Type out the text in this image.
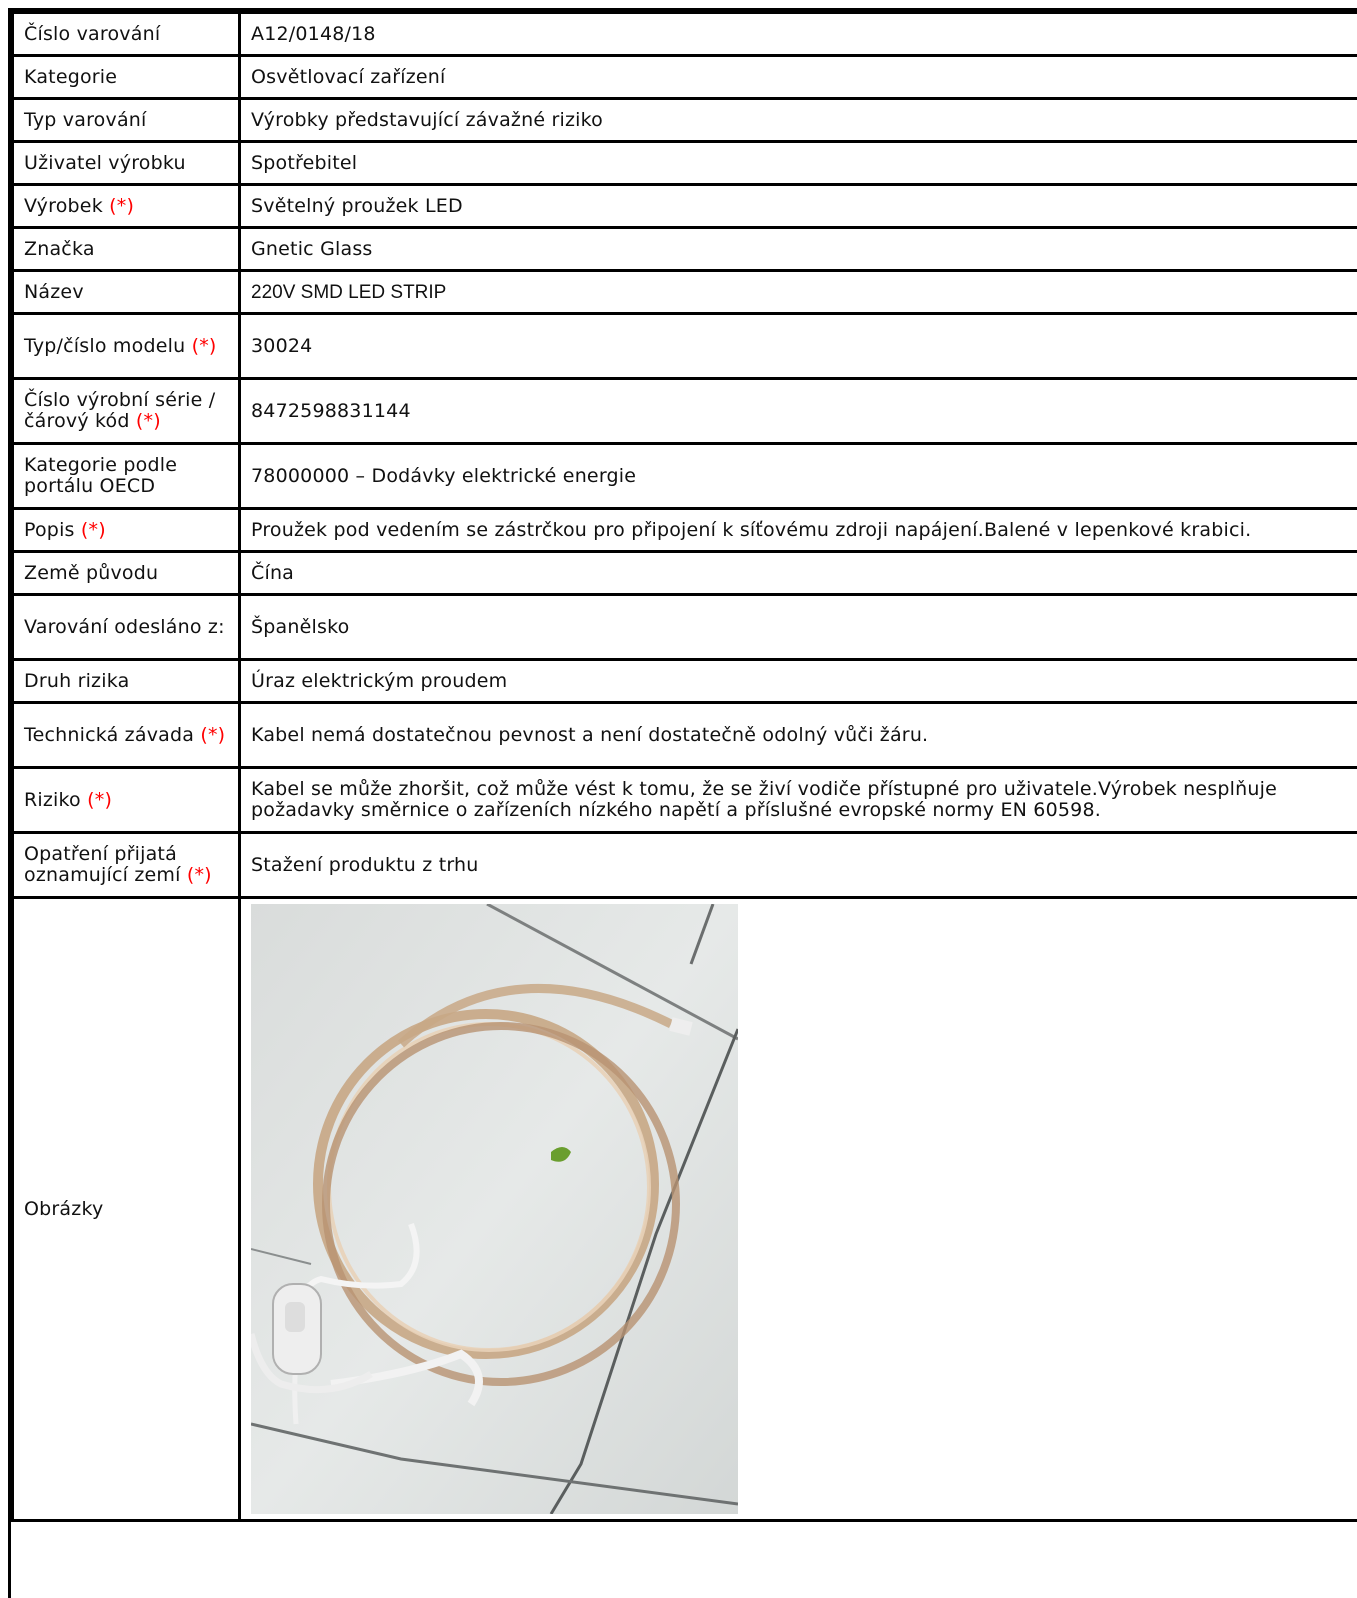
Číslo varování	A12/0148/18
Kategorie	Osvětlovací zařízení
Typ varování	Výrobky představující závažné riziko
Uživatel výrobku	Spotřebitel
Výrobek (*)	Světelný proužek LED
Značka	Gnetic Glass
Název	220V SMD LED STRIP
Typ/číslo modelu (*)	30024
Číslo výrobní série / čárový kód (*)	8472598831144
Kategorie podle portálu OECD	78000000 – Dodávky elektrické energie
Popis (*)	Proužek pod vedením se zástrčkou pro připojení k síťovému zdroji napájení.Balené v lepenkové krabici.
Země původu	Čína
Varování odesláno z:	Španělsko
Druh rizika	Úraz elektrickým proudem
Technická závada (*)	Kabel nemá dostatečnou pevnost a není dostatečně odolný vůči žáru.
Riziko (*)	Kabel se může zhoršit, což může vést k tomu, že se živí vodiče přístupné pro uživatele.Výrobek nesplňuje požadavky směrnice o zařízeních nízkého napětí a příslušné evropské normy EN 60598.
Opatření přijatá oznamující zemí (*)	Stažení produktu z trhu
Obrázky	
